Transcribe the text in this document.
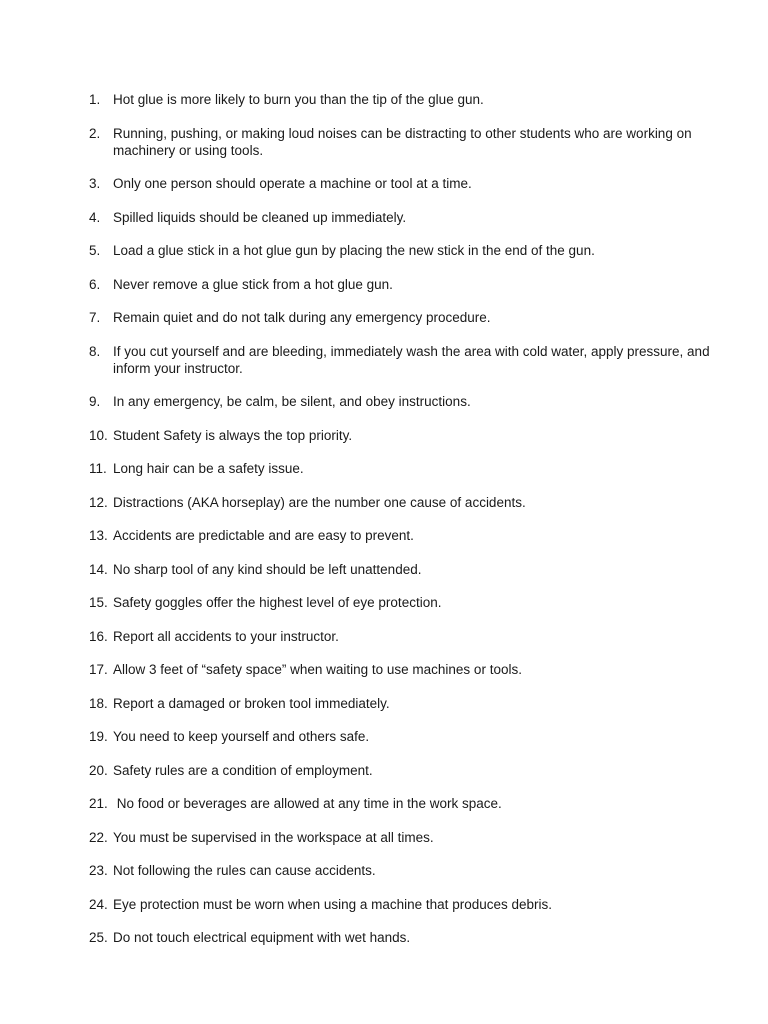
1. Hot glue is more likely to burn you than the tip of the glue gun.
2. Running, pushing, or making loud noises can be distracting to other students who are working on machinery or using tools.
3. Only one person should operate a machine or tool at a time.
4. Spilled liquids should be cleaned up immediately.
5. Load a glue stick in a hot glue gun by placing the new stick in the end of the gun.
6. Never remove a glue stick from a hot glue gun.
7. Remain quiet and do not talk during any emergency procedure.
8. If you cut yourself and are bleeding, immediately wash the area with cold water, apply pressure, and inform your instructor.
9. In any emergency, be calm, be silent, and obey instructions.
10. Student Safety is always the top priority.
11. Long hair can be a safety issue.
12. Distractions (AKA horseplay) are the number one cause of accidents.
13. Accidents are predictable and are easy to prevent.
14. No sharp tool of any kind should be left unattended.
15. Safety goggles offer the highest level of eye protection.
16. Report all accidents to your instructor.
17. Allow 3 feet of “safety space” when waiting to use machines or tools.
18. Report a damaged or broken tool immediately.
19. You need to keep yourself and others safe.
20. Safety rules are a condition of employment.
21. No food or beverages are allowed at any time in the work space.
22. You must be supervised in the workspace at all times.
23. Not following the rules can cause accidents.
24. Eye protection must be worn when using a machine that produces debris.
25. Do not touch electrical equipment with wet hands.
